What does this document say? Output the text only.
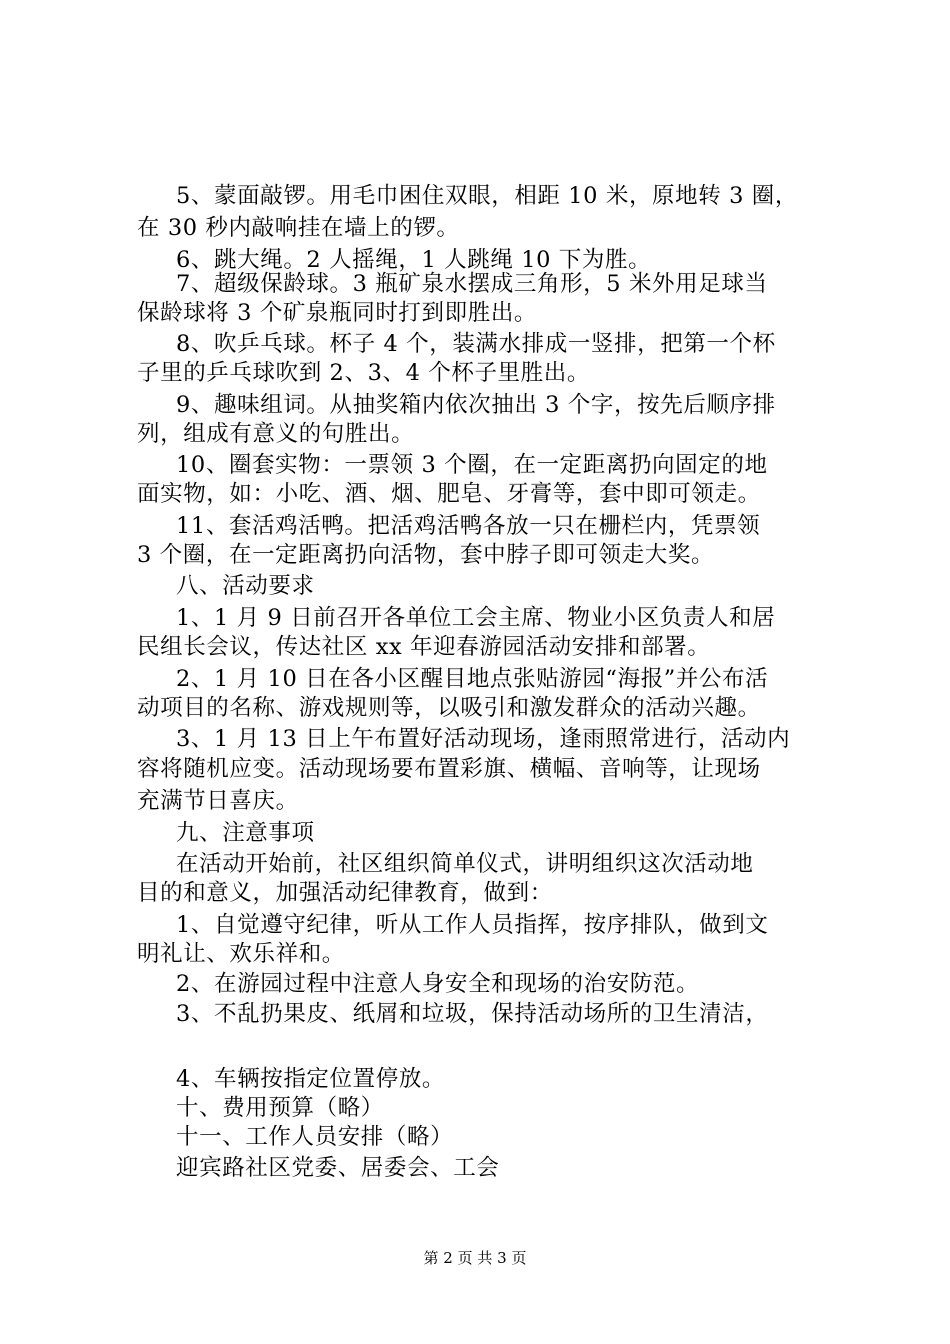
5、蒙面敲锣。用毛巾困住双眼，相距 10 米，原地转 3 圈，
在 30 秒内敲响挂在墙上的锣。
6、跳大绳。2 人摇绳，1 人跳绳 10 下为胜。
7、超级保龄球。3 瓶矿泉水摆成三角形，5 米外用足球当
保龄球将 3 个矿泉瓶同时打到即胜出。
8、吹乒乓球。杯子 4 个，装满水排成一竖排，把第一个杯
子里的乒乓球吹到 2、3、4 个杯子里胜出。
9、趣味组词。从抽奖箱内依次抽出 3 个字，按先后顺序排
列，组成有意义的句胜出。
10、圈套实物：一票领 3 个圈，在一定距离扔向固定的地
面实物，如：小吃、酒、烟、肥皂、牙膏等，套中即可领走。
11、套活鸡活鸭。把活鸡活鸭各放一只在栅栏内，凭票领
3 个圈，在一定距离扔向活物，套中脖子即可领走大奖。
八、活动要求
1、1 月 9 日前召开各单位工会主席、物业小区负责人和居
民组长会议，传达社区 xx 年迎春游园活动安排和部署。
2、1 月 10 日在各小区醒目地点张贴游园“海报”并公布活
动项目的名称、游戏规则等，以吸引和激发群众的活动兴趣。
3、1 月 13 日上午布置好活动现场，逢雨照常进行，活动内
容将随机应变。活动现场要布置彩旗、横幅、音响等，让现场
充满节日喜庆。
九、注意事项
在活动开始前，社区组织简单仪式，讲明组织这次活动地
目的和意义，加强活动纪律教育，做到：
1、自觉遵守纪律，听从工作人员指挥，按序排队，做到文
明礼让、欢乐祥和。
2、在游园过程中注意人身安全和现场的治安防范。
3、不乱扔果皮、纸屑和垃圾，保持活动场所的卫生清洁，
4、车辆按指定位置停放。
十、费用预算（略）
十一、工作人员安排（略）
迎宾路社区党委、居委会、工会
第 2 页 共 3 页
